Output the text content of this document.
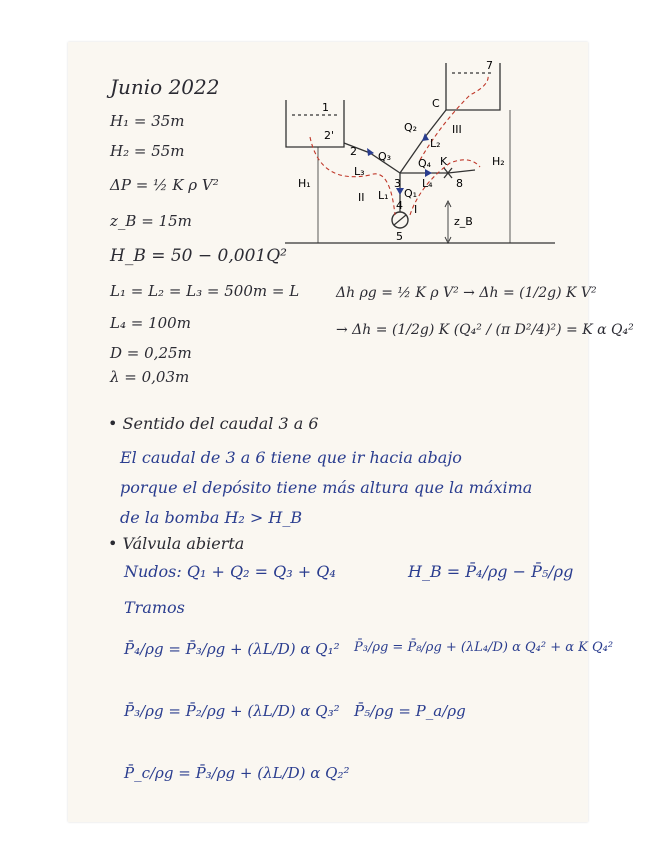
Junio 2022
H₁ = 35m
H₂ = 55m
ΔP = ½ K ρ V²
z_B = 15m
H_B = 50 − 0,001Q²
L₁ = L₂ = L₃ = 500m = L
L₄ = 100m
D = 0,25m
λ = 0,03m
1
2'
2
L₃
Q₃
Q₂
L₂
III
H₂
C
Q₄ K
L₄ 8
H₁
II
3
L₁ Q₁
4
5
I
z_B
7
Δh ρg = ½ K ρ V² → Δh = (1/2g) K V²
→ Δh = (1/2g) K (Q₄² / (π D²/4)²) = K α Q₄²
• Sentido del caudal 3 a 6
El caudal de 3 a 6 tiene que ir hacia abajo
porque el depósito tiene más altura que la máxima
de la bomba H₂ > H_B
• Válvula abierta
Nudos: Q₁ + Q₂ = Q₃ + Q₄	H_B = P̄₄/ρg − P̄₅/ρg
Tramos
P̄₄/ρg = P̄₃/ρg + (λL/D) α Q₁² P̄₃/ρg = P̄₈/ρg + (λL₄/D) α Q₄² + α K Q₄²
P̄₃/ρg = P̄₂/ρg + (λL/D) α Q₃² P̄₅/ρg = P_a/ρg
P̄_c/ρg = P̄₃/ρg + (λL/D) α Q₂²
